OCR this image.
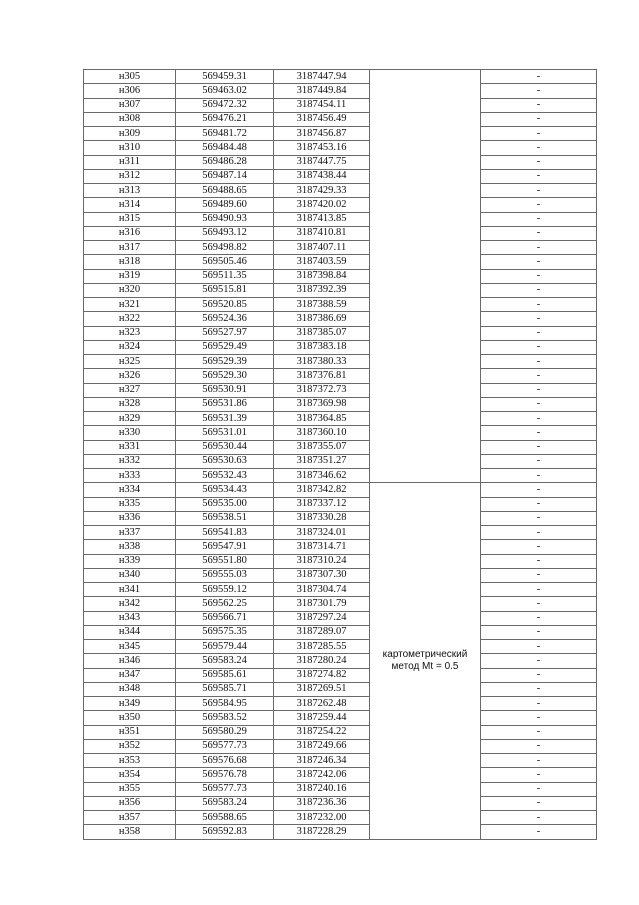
н305	569459.31	3187447.94		-
н306	569463.02	3187449.84		-
н307	569472.32	3187454.11		-
н308	569476.21	3187456.49		-
н309	569481.72	3187456.87		-
н310	569484.48	3187453.16		-
н311	569486.28	3187447.75		-
н312	569487.14	3187438.44		-
н313	569488.65	3187429.33		-
н314	569489.60	3187420.02		-
н315	569490.93	3187413.85		-
н316	569493.12	3187410.81		-
н317	569498.82	3187407.11		-
н318	569505.46	3187403.59		-
н319	569511.35	3187398.84		-
н320	569515.81	3187392.39		-
н321	569520.85	3187388.59		-
н322	569524.36	3187386.69		-
н323	569527.97	3187385.07		-
н324	569529.49	3187383.18		-
н325	569529.39	3187380.33		-
н326	569529.30	3187376.81		-
н327	569530.91	3187372.73		-
н328	569531.86	3187369.98		-
н329	569531.39	3187364.85		-
н330	569531.01	3187360.10		-
н331	569530.44	3187355.07		-
н332	569530.63	3187351.27		-
н333	569532.43	3187346.62		-
н334	569534.43	3187342.82	картометрический метод Mt = 0.5	-
н335	569535.00	3187337.12		-
н336	569538.51	3187330.28		-
н337	569541.83	3187324.01		-
н338	569547.91	3187314.71		-
н339	569551.80	3187310.24		-
н340	569555.03	3187307.30		-
н341	569559.12	3187304.74		-
н342	569562.25	3187301.79		-
н343	569566.71	3187297.24		-
н344	569575.35	3187289.07		-
н345	569579.44	3187285.55		-
н346	569583.24	3187280.24		-
н347	569585.61	3187274.82		-
н348	569585.71	3187269.51		-
н349	569584.95	3187262.48		-
н350	569583.52	3187259.44		-
н351	569580.29	3187254.22		-
н352	569577.73	3187249.66		-
н353	569576.68	3187246.34		-
н354	569576.78	3187242.06		-
н355	569577.73	3187240.16		-
н356	569583.24	3187236.36		-
н357	569588.65	3187232.00		-
н358	569592.83	3187228.29		-
